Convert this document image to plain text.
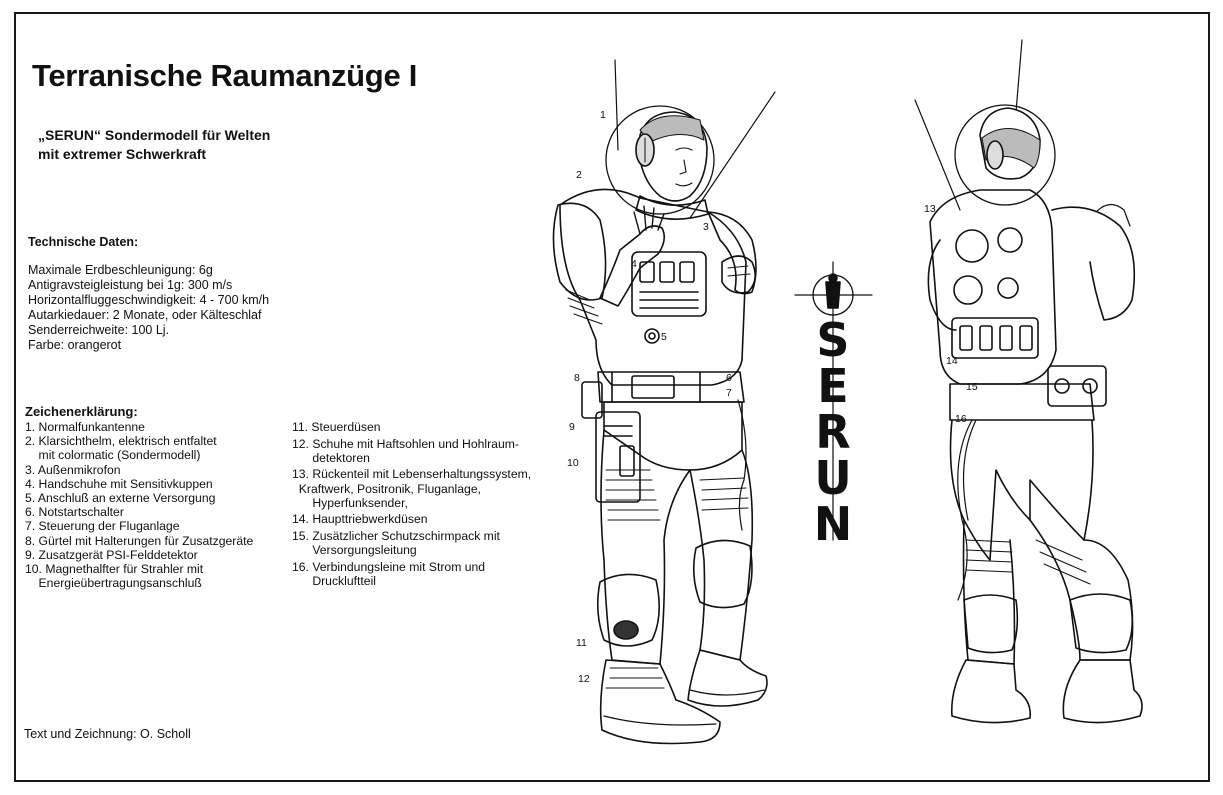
Terranische Raumanzüge I
„SERUN“ Sondermodell für Welten
mit extremer Schwerkraft
Technische Daten:
Maximale Erdbeschleunigung: 6g
Antigravsteigleistung bei 1g: 300 m/s
Horizontalfluggeschwindigkeit: 4 - 700 km/h
Autarkiedauer: 2 Monate, oder Kälteschlaf
Senderreichweite: 100 Lj.
Farbe: orangerot
Zeichenerklärung:
1. Normalfunkantenne
2. Klarsichthelm, elektrisch entfaltet
mit colormatic (Sondermodell)
3. Außenmikrofon
4. Handschuhe mit Sensitivkuppen
5. Anschluß an externe Versorgung
6. Notstartschalter
7. Steuerung der Fluganlage
8. Gürtel mit Halterungen für Zusatzgeräte
9. Zusatzgerät PSI-Felddetektor
10. Magnethalfter für Strahler mit
Energieübertragungsanschluß
11. Steuerdüsen
12. Schuhe mit Haftsohlen und Hohlraum-
detektoren
13. Rückenteil mit Lebenserhaltungssystem,
Kraftwerk, Positronik, Fluganlage,
Hyperfunksender,
14. Haupttriebwerkdüsen
15. Zusätzlicher Schutzschirmpack mit
Versorgungsleitung
16. Verbindungsleine mit Strom und
Druckluftteil
Text und Zeichnung: O. Scholl
S
E
R
U
N
1
2
3
4
5
6
7
8
9
10
11
12
13
14
15
16
